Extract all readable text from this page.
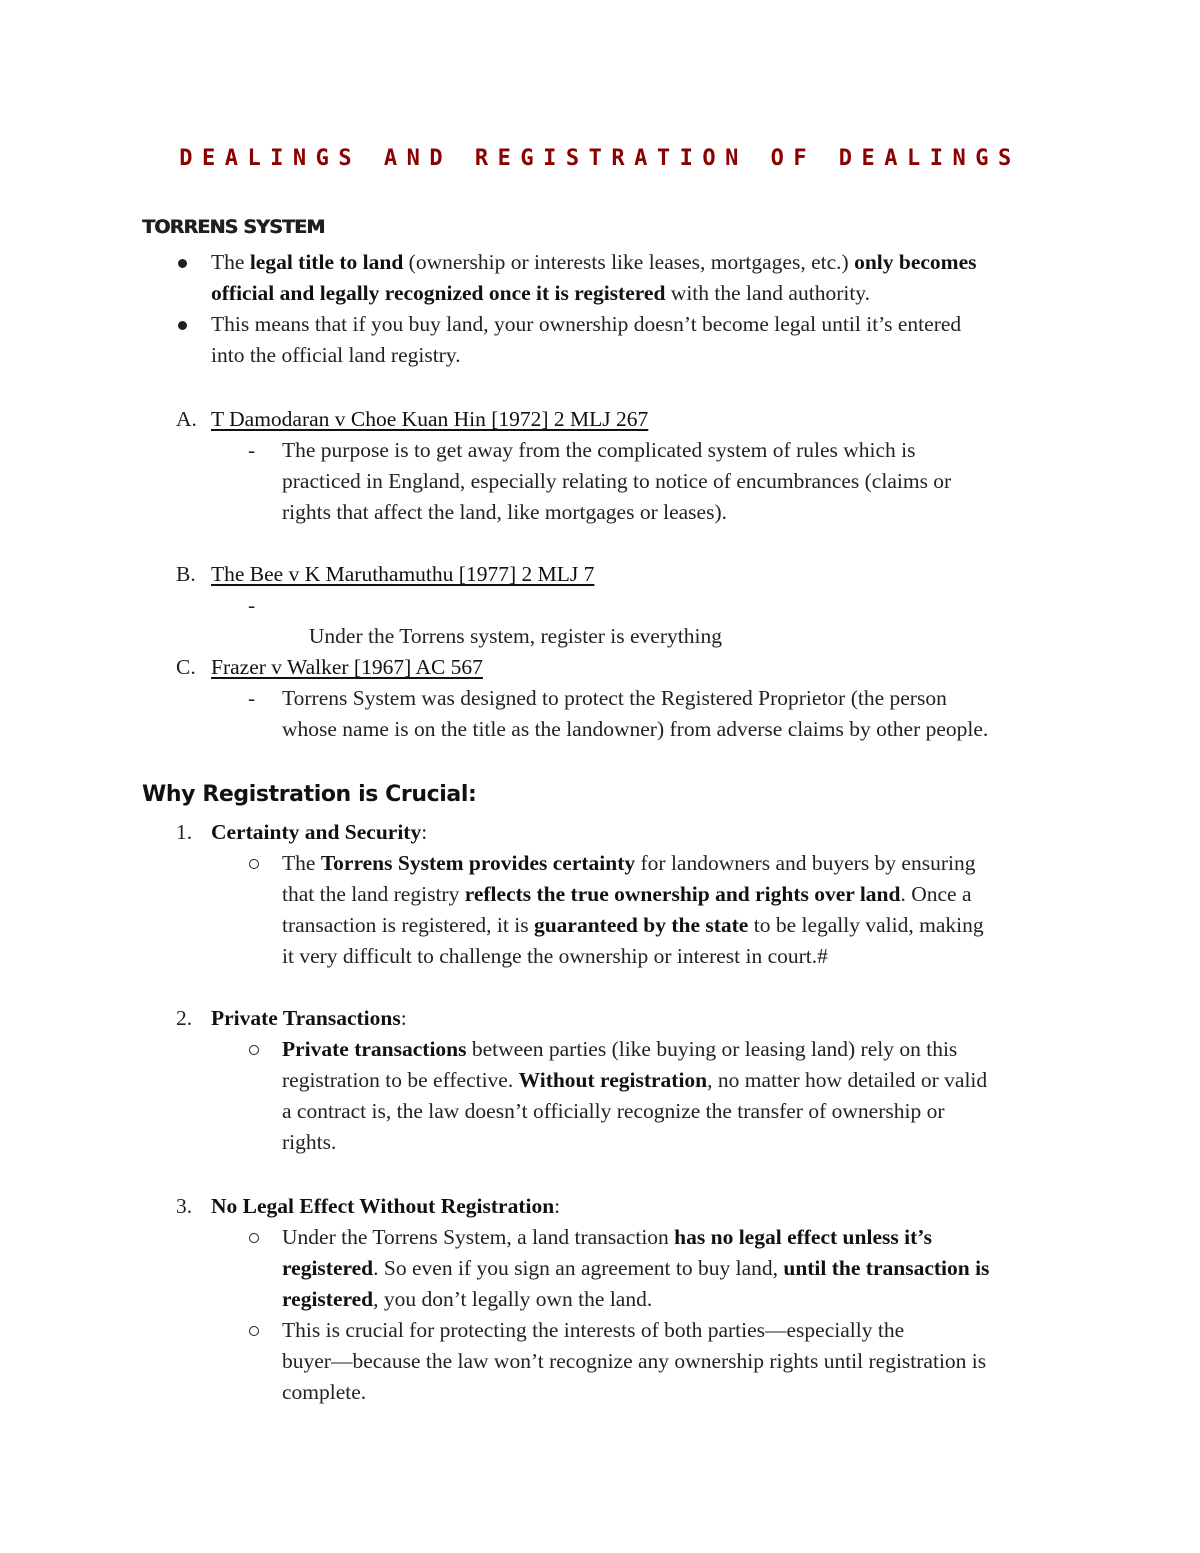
DEALINGS AND REGISTRATION OF DEALINGS
TORRENS SYSTEM
The legal title to land (ownership or interests like leases, mortgages, etc.) only becomes
official and legally recognized once it is registered with the land authority.
This means that if you buy land, your ownership doesn’t become legal until it’s entered
into the official land registry.
A. T Damodaran v Choe Kuan Hin [1972] 2 MLJ 267
- The purpose is to get away from the complicated system of rules which is
practiced in England, especially relating to notice of encumbrances (claims or
rights that affect the land, like mortgages or leases).
B. The Bee v K Maruthamuthu [1977] 2 MLJ 7
-

Under the Torrens system, register is everything

C. Frazer v Walker [1967] AC 567
- Torrens System was designed to protect the Registered Proprietor (the person
whose name is on the title as the landowner) from adverse claims by other people.
Why Registration is Crucial:
1. Certainty and Security:
The Torrens System provides certainty for landowners and buyers by ensuring
that the land registry reflects the true ownership and rights over land. Once a
transaction is registered, it is guaranteed by the state to be legally valid, making
it very difficult to challenge the ownership or interest in court.#
2. Private Transactions:
Private transactions between parties (like buying or leasing land) rely on this
registration to be effective. Without registration, no matter how detailed or valid
a contract is, the law doesn’t officially recognize the transfer of ownership or
rights.
3. No Legal Effect Without Registration:
Under the Torrens System, a land transaction has no legal effect unless it’s
registered. So even if you sign an agreement to buy land, until the transaction is
registered, you don’t legally own the land.
This is crucial for protecting the interests of both parties—especially the
buyer—because the law won’t recognize any ownership rights until registration is
complete.
